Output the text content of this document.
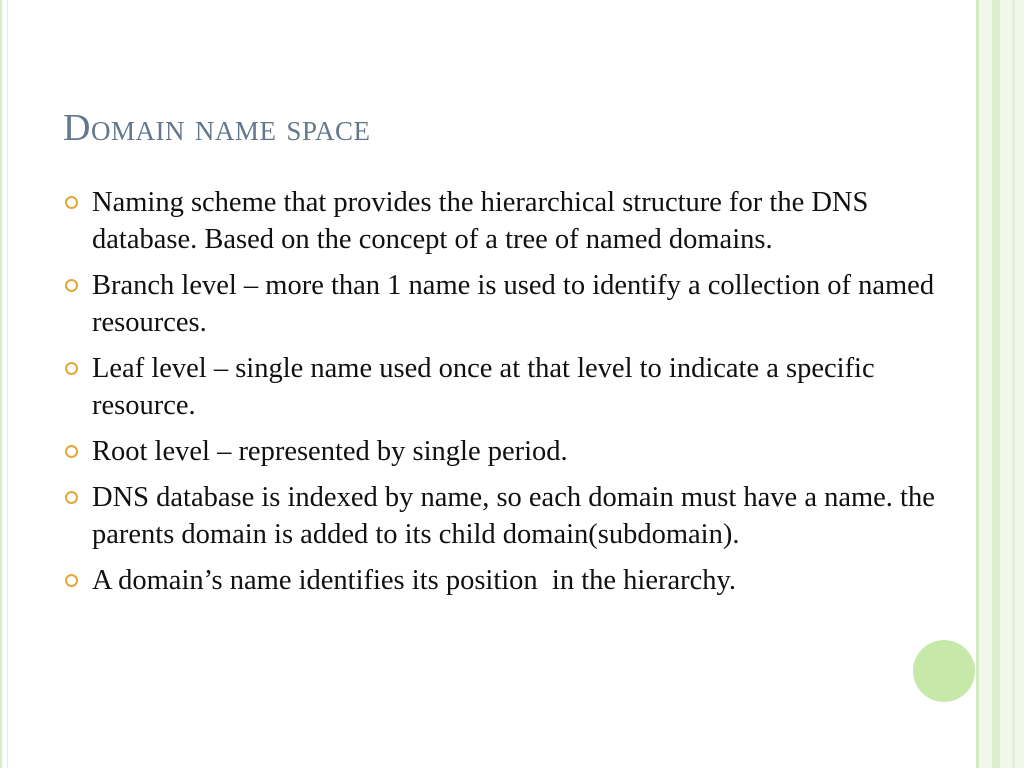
Domain name space
Naming scheme that provides the hierarchical structure for the DNS database. Based on the concept of a tree of named domains.
Branch level – more than 1 name is used to identify a collection of named resources.
Leaf level – single name used once at that level to indicate a specific resource.
Root level – represented by single period.
DNS database is indexed by name, so each domain must have a name. the parents domain is added to its child domain(subdomain).
A domain’s name identifies its position  in the hierarchy.
